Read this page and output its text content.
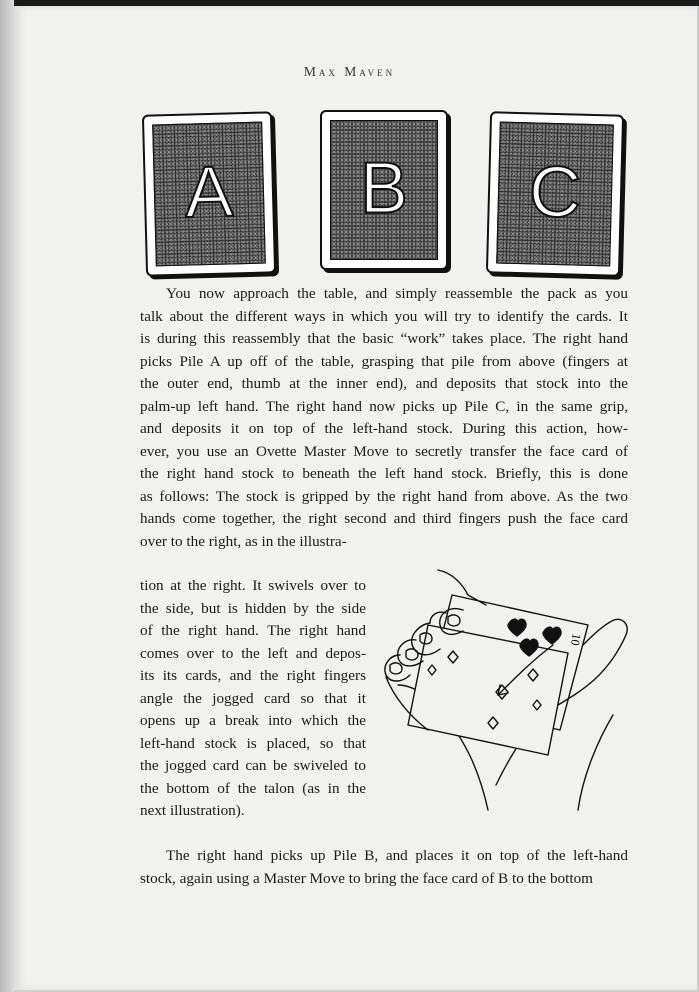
Max Maven
A	B	C
You now approach the table, and simply reassemble the pack as you
talk about the different ways in which you will try to identify the cards. It
is during this reassembly that the basic “work” takes place. The right hand
picks Pile A up off of the table, grasping that pile from above (fingers at
the outer end, thumb at the inner end), and deposits that stock into the
palm-up left hand. The right hand now picks up Pile C, in the same grip,
and deposits it on top of the left-hand stock. During this action, how-
ever, you use an Ovette Master Move to secretly transfer the face card of
the right hand stock to beneath the left hand stock. Briefly, this is done
as follows: The stock is gripped by the right hand from above. As the two
hands come together, the right second and third fingers push the face card
over to the right, as in the illustra-
tion at the right. It swivels over to
the side, but is hidden by the side
of the right hand. The right hand
comes over to the left and depos-
its its cards, and the right fingers
angle the jogged card so that it
opens up a break into which the
left-hand stock is placed, so that
the jogged card can be swiveled to
the bottom of the talon (as in the
next illustration).
10
The right hand picks up Pile B, and places it on top of the left-hand
stock, again using a Master Move to bring the face card of B to the bottom
